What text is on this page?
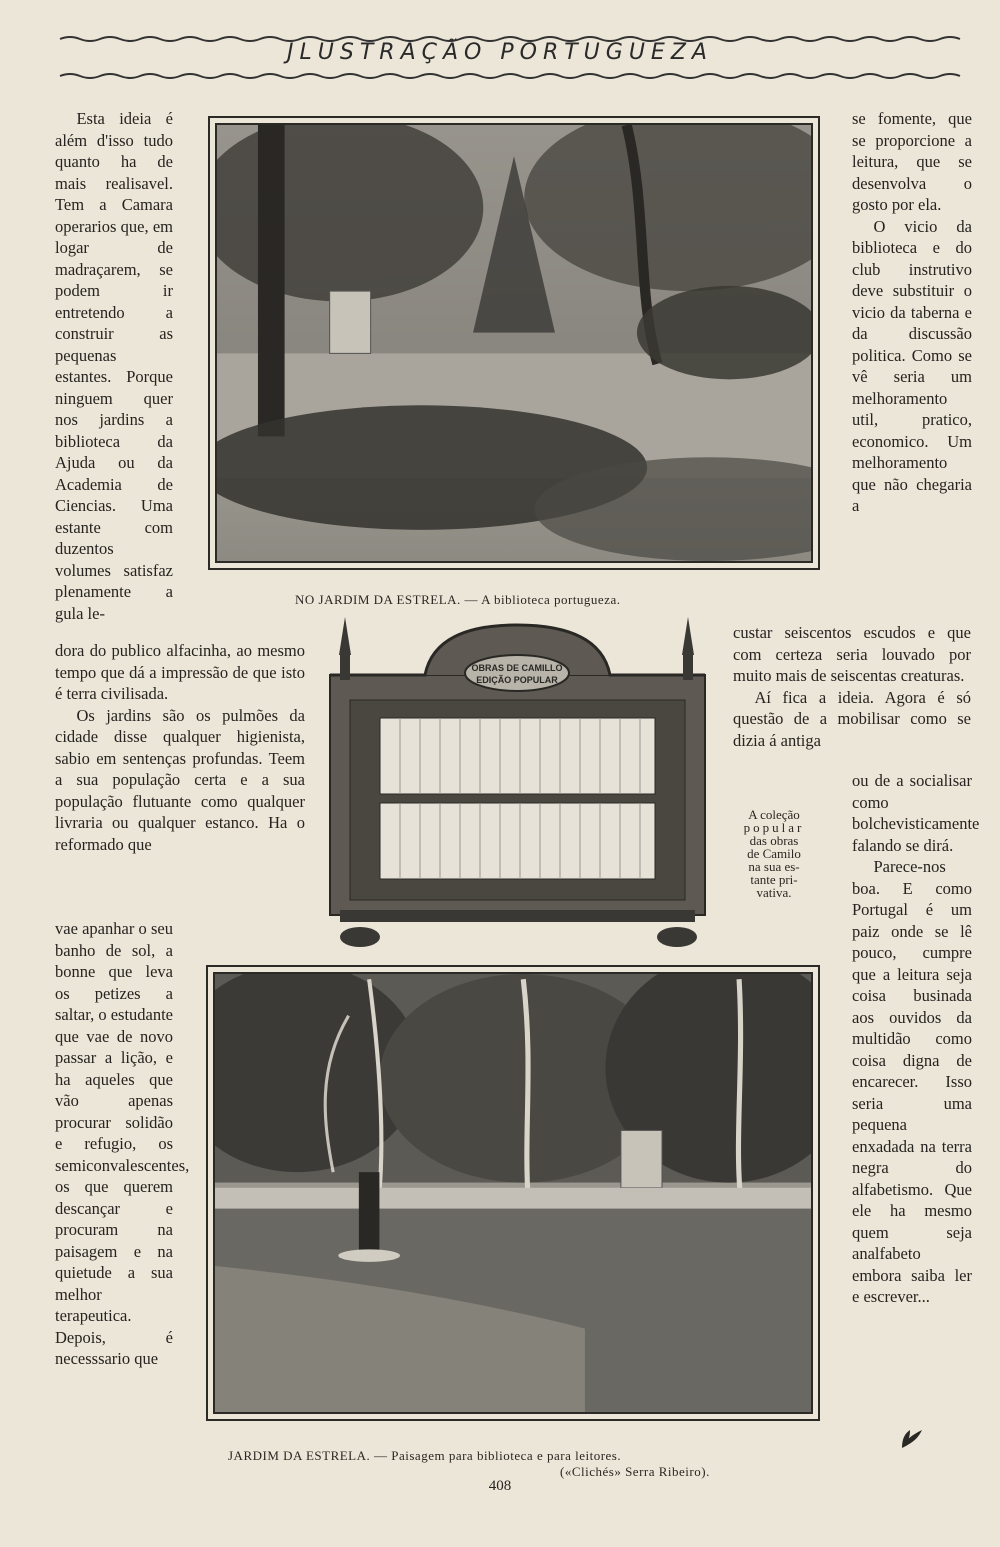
JLUSTRAÇÃO PORTUGUEZA

Esta ideia é além d'isso tudo quanto ha de mais realisavel. Tem a Camara operarios que, em logar de madraçarem, se podem ir entretendo a construir as pequenas estantes. Porque ninguem quer nos jardins a biblioteca da Ajuda ou da Academia de Ciencias. Uma estante com duzentos volumes satisfaz plenamente a gula le-

dora do publico alfacinha, ao mesmo tempo que dá a impressão de que isto é terra civilisada.

Os jardins são os pulmões da cidade disse qualquer higienista, sabio em sentenças profundas. Teem a sua população certa e a sua população flutuante como qualquer livraria ou qualquer estanco. Ha o reformado que

vae apanhar o seu banho de sol, a bonne que leva os petizes a saltar, o estudante que vae de novo passar a lição, e ha aqueles que vão apenas procurar solidão e refugio, os semiconvalescentes, os que querem descançar e procuram na paisagem e na quietude a sua melhor terapeutica. Depois, é necesssario que

se fomente, que se proporcione a leitura, que se desenvolva o gosto por ela.

O vicio da biblioteca e do club instrutivo deve substituir o vicio da taberna e da discussão politica. Como se vê seria um melhoramento util, pratico, economico. Um melhoramento que não chegaria a

custar seiscentos escudos e que com certeza seria louvado por muito mais de seiscentas creaturas.

Aí fica a ideia. Agora é só questão de a mobilisar como se dizia á antiga

ou de a socialisar como bolchevisticamente falando se dirá.

Parece-nos boa. E como Portugal é um paiz onde se lê pouco, cumpre que a leitura seja coisa businada aos ouvidos da multidão como coisa digna de encarecer. Isso seria uma pequena enxadada na terra negra do alfabetismo. Que ele ha mesmo quem seja analfabeto embora saiba ler e escrever...

NO JARDIM DA ESTRELA. — A biblioteca portugueza.
OBRAS DE CAMILLO
EDIÇÃO POPULAR
A coleção
popular
das obras
de Camilo
na sua es-
tante pri-
vativa.
JARDIM DA ESTRELA. — Paisagem para biblioteca e para leitores.
(«Clichés» Serra Ribeiro).
408
